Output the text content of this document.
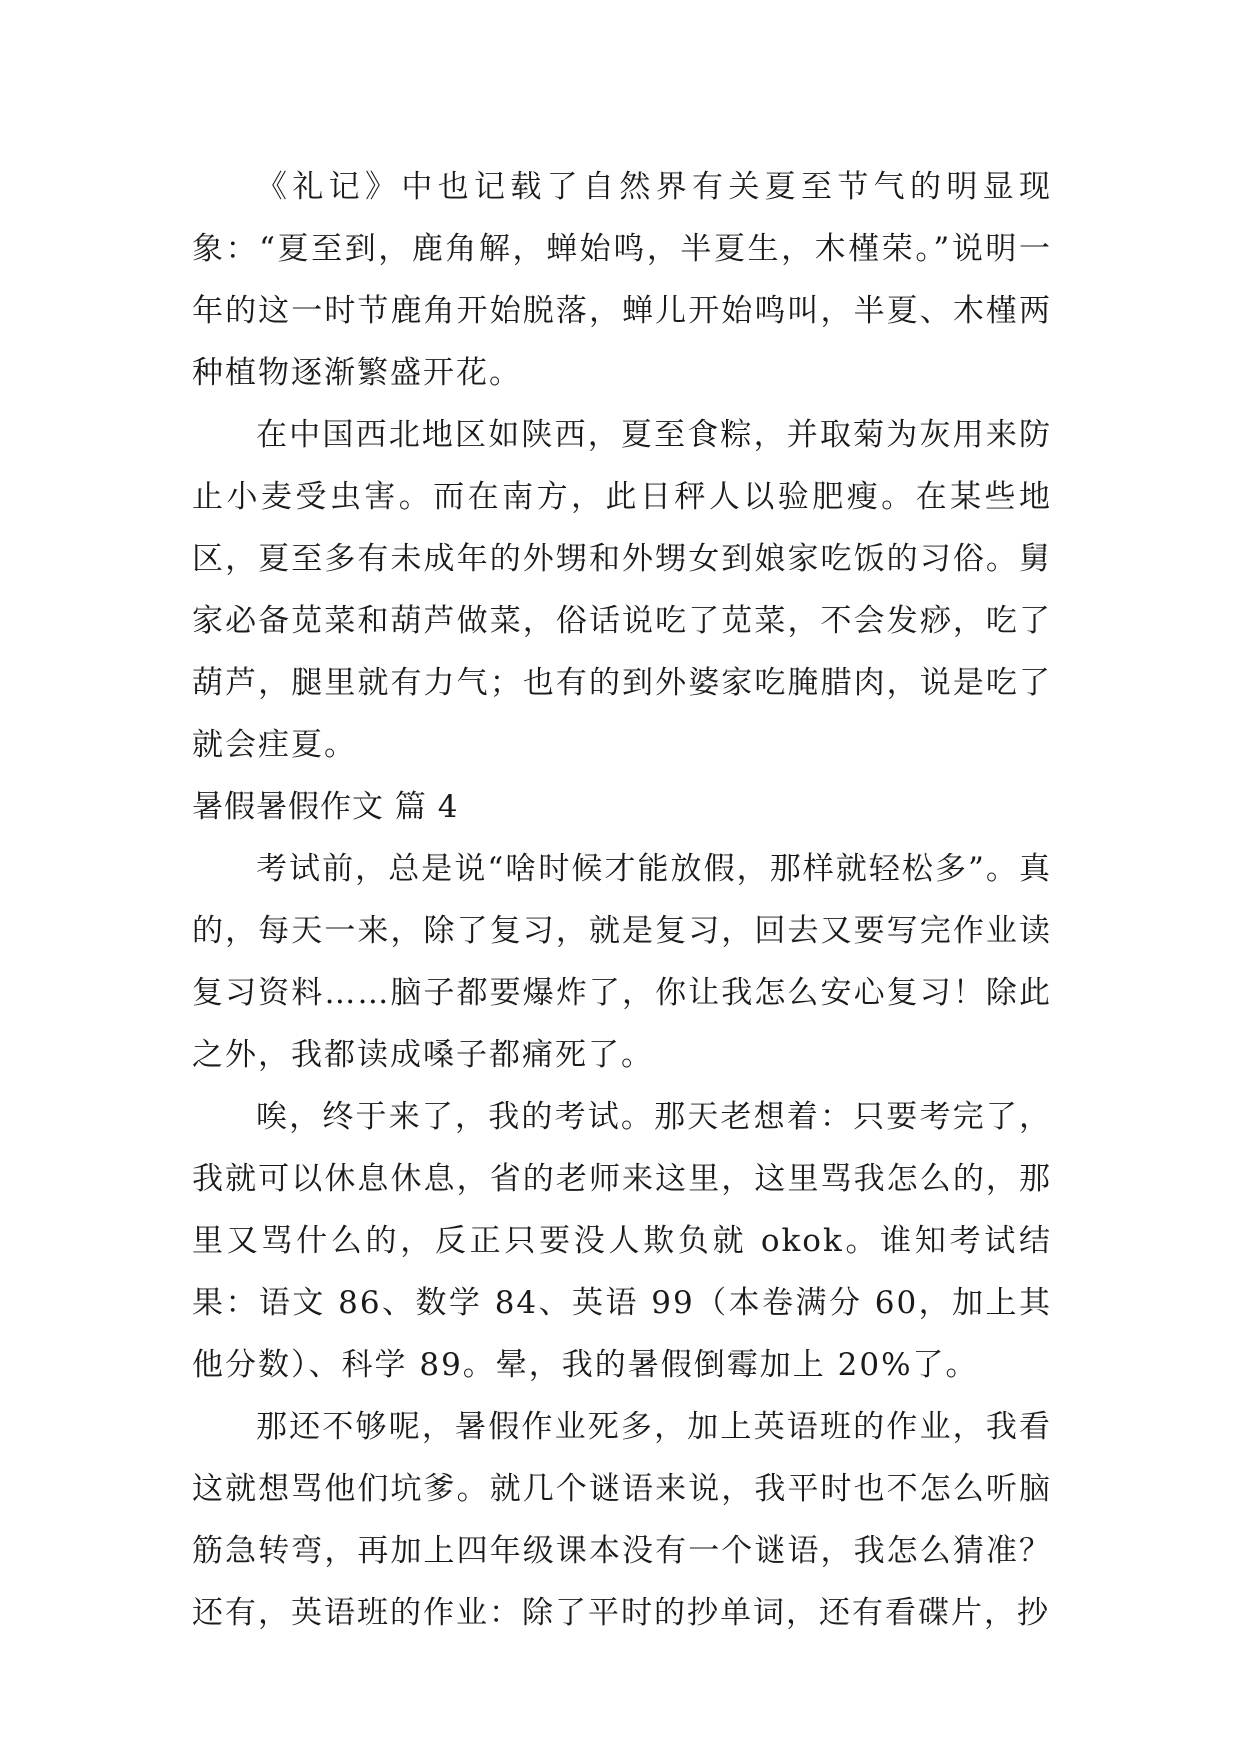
《礼记》中也记载了自然界有关夏至节气的明显现象：“夏至到，鹿角解，蝉始鸣，半夏生，木槿荣。”说明一年的这一时节鹿角开始脱落，蝉儿开始鸣叫，半夏、木槿两种植物逐渐繁盛开花。

在中国西北地区如陕西，夏至食粽，并取菊为灰用来防止小麦受虫害。而在南方，此日秤人以验肥瘦。在某些地区，夏至多有未成年的外甥和外甥女到娘家吃饭的习俗。舅家必备苋菜和葫芦做菜，俗话说吃了苋菜，不会发痧，吃了葫芦，腿里就有力气；也有的到外婆家吃腌腊肉，说是吃了就会疰夏。

暑假暑假作文 篇 4

考试前，总是说“啥时候才能放假，那样就轻松多”。真的，每天一来，除了复习，就是复习，回去又要写完作业读复习资料……脑子都要爆炸了，你让我怎么安心复习！除此之外，我都读成嗓子都痛死了。

唉，终于来了，我的考试。那天老想着：只要考完了，我就可以休息休息，省的老师来这里，这里骂我怎么的，那里又骂什么的，反正只要没人欺负就 okok。谁知考试结果：语文 86、数学 84、英语 99（本卷满分 60，加上其他分数）、科学 89。晕，我的暑假倒霉加上 20%了。

那还不够呢，暑假作业死多，加上英语班的作业，我看这就想骂他们坑爹。就几个谜语来说，我平时也不怎么听脑筋急转弯，再加上四年级课本没有一个谜语，我怎么猜准？还有，英语班的作业：除了平时的抄单词，还有看碟片，抄
